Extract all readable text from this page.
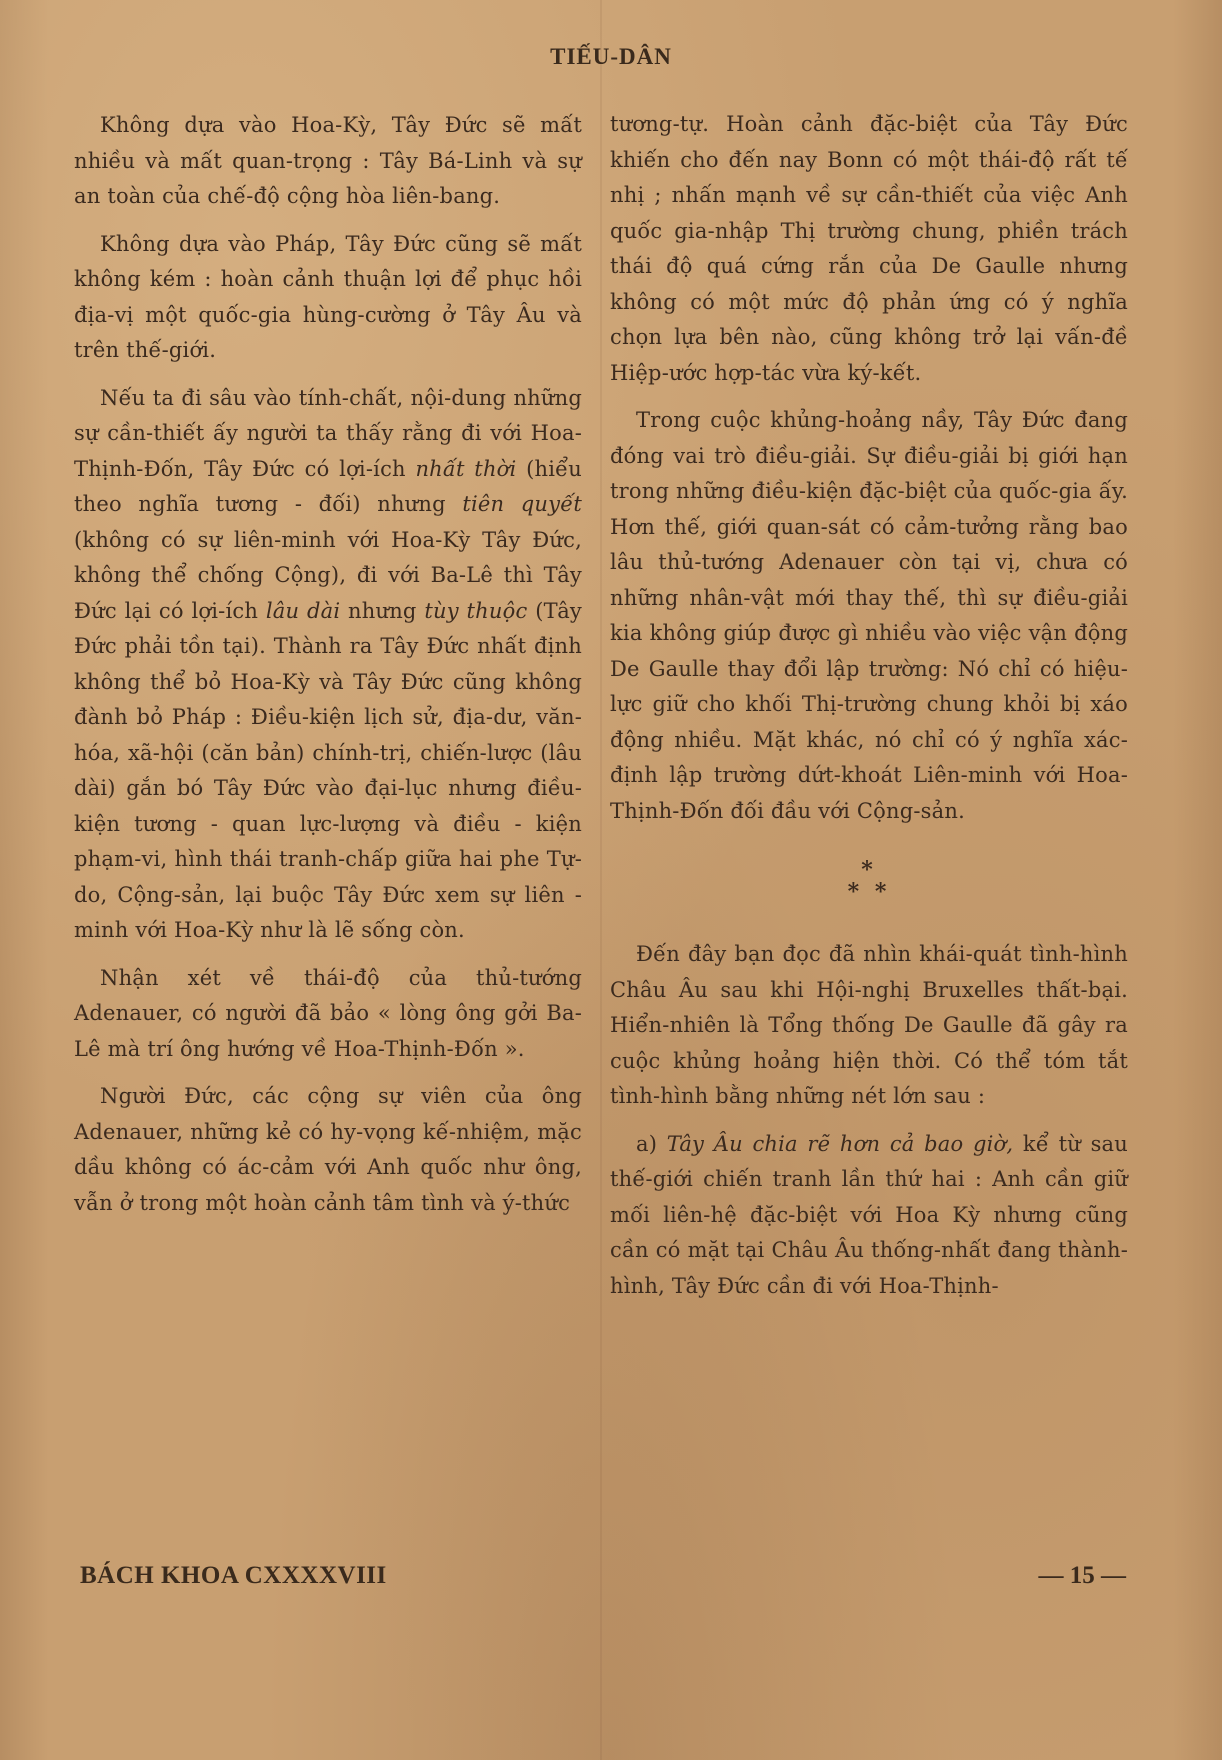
TIẾU-DÂN

Không dựa vào Hoa-Kỳ, Tây Đức sẽ mất nhiều và mất quan-trọng : Tây Bá-Linh và sự an toàn của chế-độ cộng hòa liên-bang.

Không dựa vào Pháp, Tây Đức cũng sẽ mất không kém : hoàn cảnh thuận lợi để phục hồi địa-vị một quốc-gia hùng-cường ở Tây Âu và trên thế-giới.

Nếu ta đi sâu vào tính-chất, nội-dung những sự cần-thiết ấy người ta thấy rằng đi với Hoa-Thịnh-Đốn, Tây Đức có lợi-ích nhất thời (hiểu theo nghĩa tương - đối) nhưng tiên quyết (không có sự liên-minh với Hoa-Kỳ Tây Đức, không thể chống Cộng), đi với Ba-Lê thì Tây Đức lại có lợi-ích lâu dài nhưng tùy thuộc (Tây Đức phải tồn tại). Thành ra Tây Đức nhất định không thể bỏ Hoa-Kỳ và Tây Đức cũng không đành bỏ Pháp : Điều-kiện lịch sử, địa-dư, văn-hóa, xã-hội (căn bản) chính-trị, chiến-lược (lâu dài) gắn bó Tây Đức vào đại-lục nhưng điều-kiện tương - quan lực-lượng và điều - kiện phạm-vi, hình thái tranh-chấp giữa hai phe Tự-do, Cộng-sản, lại buộc Tây Đức xem sự liên - minh với Hoa-Kỳ như là lẽ sống còn.

Nhận xét về thái-độ của thủ-tướng Adenauer, có người đã bảo « lòng ông gởi Ba-Lê mà trí ông hướng về Hoa-Thịnh-Đốn ».

Người Đức, các cộng sự viên của ông Adenauer, những kẻ có hy-vọng kế-nhiệm, mặc dầu không có ác-cảm với Anh quốc như ông, vẫn ở trong một hoàn cảnh tâm tình và ý-thức

tương-tự. Hoàn cảnh đặc-biệt của Tây Đức khiến cho đến nay Bonn có một thái-độ rất tế nhị ; nhấn mạnh về sự cần-thiết của việc Anh quốc gia-nhập Thị trường chung, phiền trách thái độ quá cứng rắn của De Gaulle nhưng không có một mức độ phản ứng có ý nghĩa chọn lựa bên nào, cũng không trở lại vấn-đề Hiệp-ước hợp-tác vừa ký-kết.

Trong cuộc khủng-hoảng nầy, Tây Đức đang đóng vai trò điều-giải. Sự điều-giải bị giới hạn trong những điều-kiện đặc-biệt của quốc-gia ấy. Hơn thế, giới quan-sát có cảm-tưởng rằng bao lâu thủ-tướng Adenauer còn tại vị, chưa có những nhân-vật mới thay thế, thì sự điều-giải kia không giúp được gì nhiều vào việc vận động De Gaulle thay đổi lập trường: Nó chỉ có hiệu-lực giữ cho khối Thị-trường chung khỏi bị xáo động nhiều. Mặt khác, nó chỉ có ý nghĩa xác-định lập trường dứt-khoát Liên-minh với Hoa-Thịnh-Đốn đối đầu với Cộng-sản.

*
* *

Đến đây bạn đọc đã nhìn khái-quát tình-hình Châu Âu sau khi Hội-nghị Bruxelles thất-bại. Hiển-nhiên là Tổng thống De Gaulle đã gây ra cuộc khủng hoảng hiện thời. Có thể tóm tắt tình-hình bằng những nét lớn sau :

a) Tây Âu chia rẽ hơn cả bao giờ, kể từ sau thế-giới chiến tranh lần thứ hai : Anh cần giữ mối liên-hệ đặc-biệt với Hoa Kỳ nhưng cũng cần có mặt tại Châu Âu thống-nhất đang thành-hình, Tây Đức cần đi với Hoa-Thịnh-

BÁCH KHOA CXXXXVIII	— 15 —
